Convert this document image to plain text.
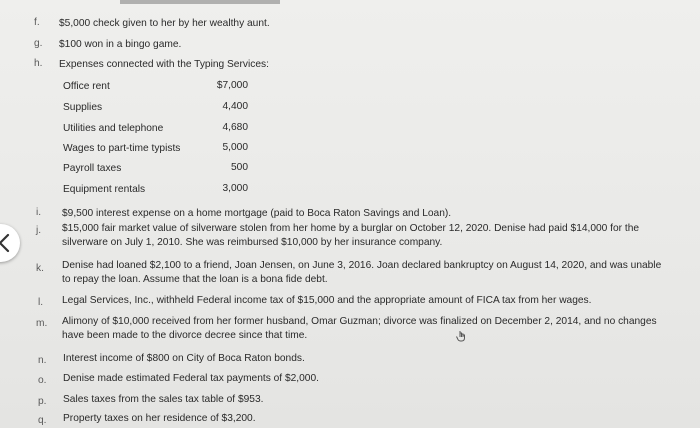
f. $5,000 check given to her by her wealthy aunt.
g. $100 won in a bingo game.
h. Expenses connected with the Typing Services:
Office rent	$7,000
Supplies	4,400
Utilities and telephone	4,680
Wages to part-time typists	5,000
Payroll taxes	500
Equipment rentals	3,000
i. $9,500 interest expense on a home mortgage (paid to Boca Raton Savings and Loan).
j. $15,000 fair market value of silverware stolen from her home by a burglar on October 12, 2020. Denise had paid $14,000 for the silverware on July 1, 2010. She was reimbursed $10,000 by her insurance company.
k. Denise had loaned $2,100 to a friend, Joan Jensen, on June 3, 2016. Joan declared bankruptcy on August 14, 2020, and was unable to repay the loan. Assume that the loan is a bona fide debt.
l. Legal Services, Inc., withheld Federal income tax of $15,000 and the appropriate amount of FICA tax from her wages.
m. Alimony of $10,000 received from her former husband, Omar Guzman; divorce was finalized on December 2, 2014, and no changes have been made to the divorce decree since that time.
n. Interest income of $800 on City of Boca Raton bonds.
o. Denise made estimated Federal tax payments of $2,000.
p. Sales taxes from the sales tax table of $953.
q. Property taxes on her residence of $3,200.
